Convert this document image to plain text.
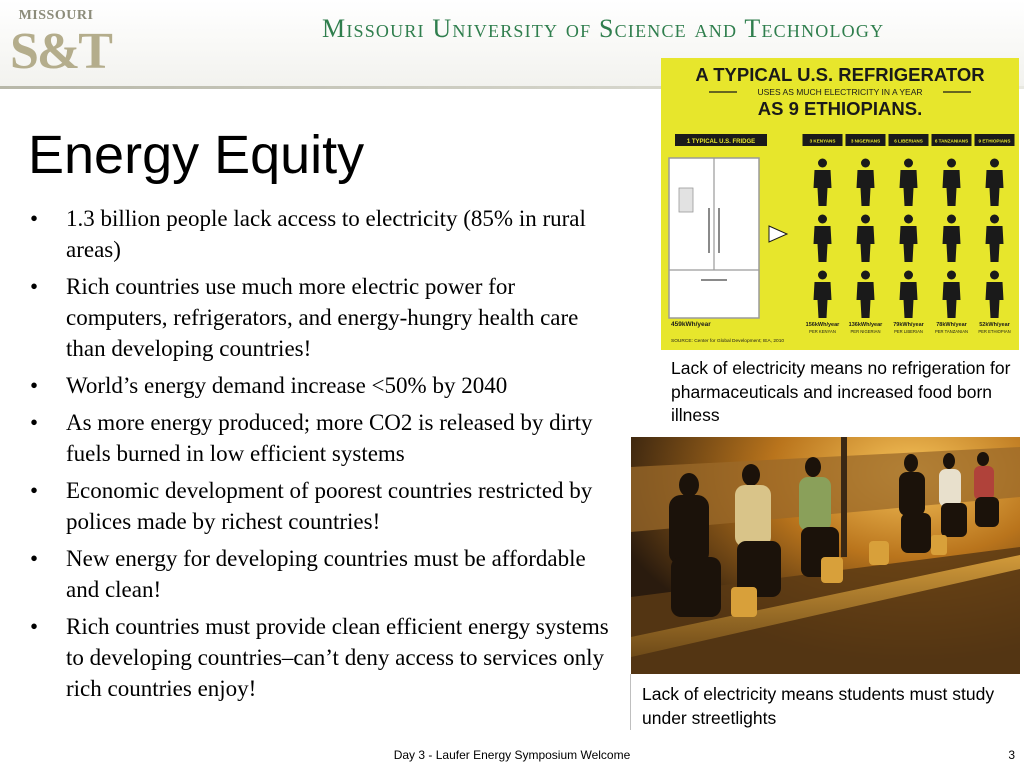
MISSOURI
S&T	Missouri University of Science and Technology
Energy Equity
• 1.3 billion people lack access to electricity (85% in rural areas)
• Rich countries use much more electric power for computers, refrigerators, and energy-hungry health care than developing countries!
• World’s energy demand increase <50% by 2040
• As more energy produced; more CO2 is released by dirty fuels burned in low efficient systems
• Economic development of poorest countries restricted by polices made by richest countries!
• New energy for developing countries must be affordable and clean!
• Rich countries must provide clean efficient energy systems to developing countries–can’t deny access to services only rich countries enjoy!
A TYPICAL U.S. REFRIGERATOR
USES AS MUCH ELECTRICITY IN A YEAR
AS 9 ETHIOPIANS.
1 TYPICAL U.S. FRIDGE	3 KENYANS
156kWh/year
PER KENYAN
3 NIGERIANS
136kWh/year
PER NIGERIAN
6 LIBERIANS
79kWh/year
PER LIBERIAN
6 TANZANIANS
78kWh/year
PER TANZANIAN
9 ETHIOPIANS
52kWh/year
PER ETHIOPIAN
459kWh/year
SOURCE: Center for Global Development; IEA, 2010
Lack of electricity means no refrigeration for pharmaceuticals and increased food born illness
Lack of electricity means students must study under streetlights
Day 3 - Laufer Energy Symposium Welcome	3
